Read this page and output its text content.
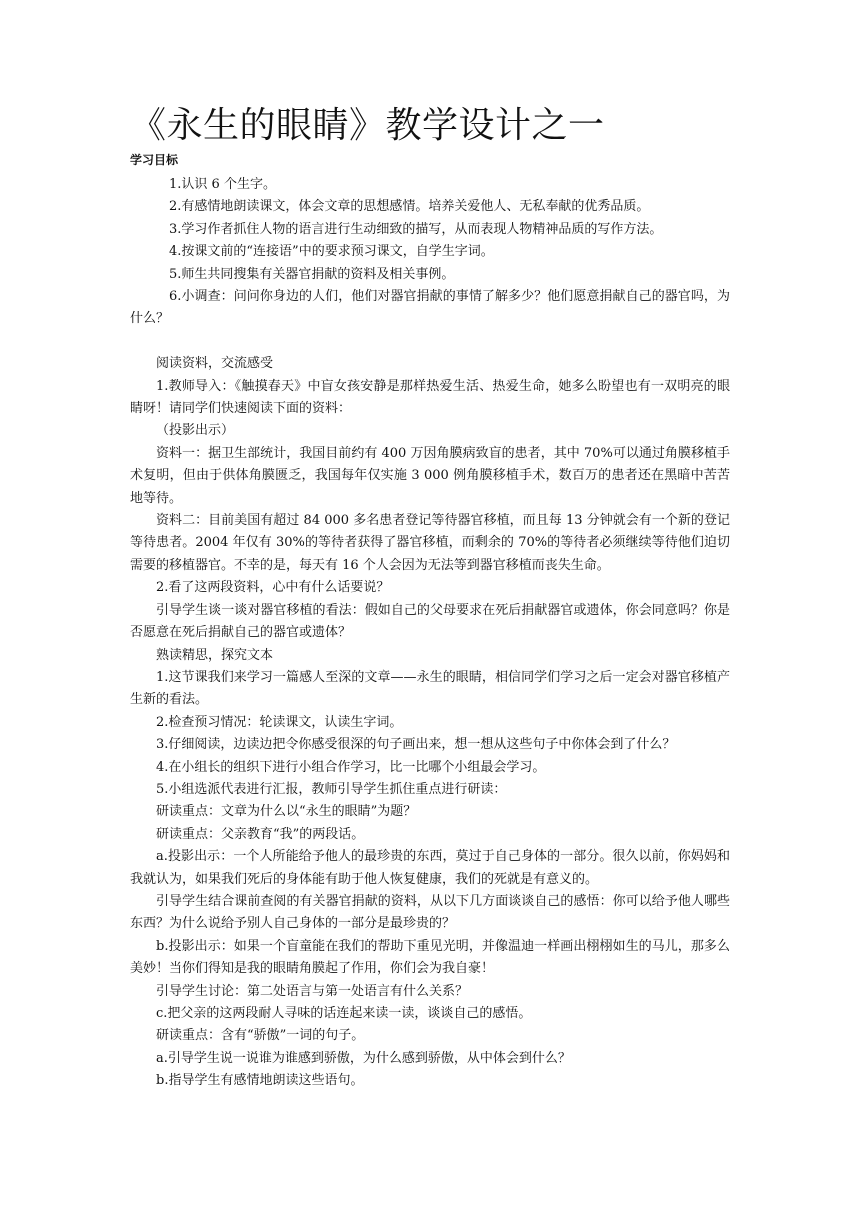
《永生的眼睛》教学设计之一
学习目标

1.认识 6 个生字。

2.有感情地朗读课文，体会文章的思想感情。培养关爱他人、无私奉献的优秀品质。

3.学习作者抓住人物的语言进行生动细致的描写，从而表现人物精神品质的写作方法。

4.按课文前的“连接语”中的要求预习课文，自学生字词。

5.师生共同搜集有关器官捐献的资料及相关事例。

6.小调查：问问你身边的人们，他们对器官捐献的事情了解多少？他们愿意捐献自己的器官吗，为什么？

阅读资料，交流感受

1.教师导入：《触摸春天》中盲女孩安静是那样热爱生活、热爱生命，她多么盼望也有一双明亮的眼睛呀！请同学们快速阅读下面的资料：

（投影出示）

资料一：据卫生部统计，我国目前约有 400 万因角膜病致盲的患者，其中 70%可以通过角膜移植手术复明，但由于供体角膜匮乏，我国每年仅实施 3 000 例角膜移植手术，数百万的患者还在黑暗中苦苦地等待。

资料二：目前美国有超过 84 000 多名患者登记等待器官移植，而且每 13 分钟就会有一个新的登记等待患者。2004 年仅有 30%的等待者获得了器官移植，而剩余的 70%的等待者必须继续等待他们迫切需要的移植器官。不幸的是，每天有 16 个人会因为无法等到器官移植而丧失生命。

2.看了这两段资料，心中有什么话要说？

引导学生谈一谈对器官移植的看法：假如自己的父母要求在死后捐献器官或遗体，你会同意吗？你是否愿意在死后捐献自己的器官或遗体？

熟读精思，探究文本

1.这节课我们来学习一篇感人至深的文章——永生的眼睛，相信同学们学习之后一定会对器官移植产生新的看法。

2.检查预习情况：轮读课文，认读生字词。

3.仔细阅读，边读边把令你感受很深的句子画出来，想一想从这些句子中你体会到了什么？

4.在小组长的组织下进行小组合作学习，比一比哪个小组最会学习。

5.小组选派代表进行汇报，教师引导学生抓住重点进行研读：

研读重点：文章为什么以“永生的眼睛”为题？

研读重点：父亲教育“我”的两段话。

a.投影出示：一个人所能给予他人的最珍贵的东西，莫过于自己身体的一部分。很久以前，你妈妈和我就认为，如果我们死后的身体能有助于他人恢复健康，我们的死就是有意义的。

引导学生结合课前查阅的有关器官捐献的资料，从以下几方面谈谈自己的感悟：你可以给予他人哪些东西？为什么说给予别人自己身体的一部分是最珍贵的？

b.投影出示：如果一个盲童能在我们的帮助下重见光明，并像温迪一样画出栩栩如生的马儿，那多么美妙！当你们得知是我的眼睛角膜起了作用，你们会为我自豪！

引导学生讨论：第二处语言与第一处语言有什么关系？

c.把父亲的这两段耐人寻味的话连起来读一读，谈谈自己的感悟。

研读重点：含有“骄傲”一词的句子。

a.引导学生说一说谁为谁感到骄傲，为什么感到骄傲，从中体会到什么？

b.指导学生有感情地朗读这些语句。
